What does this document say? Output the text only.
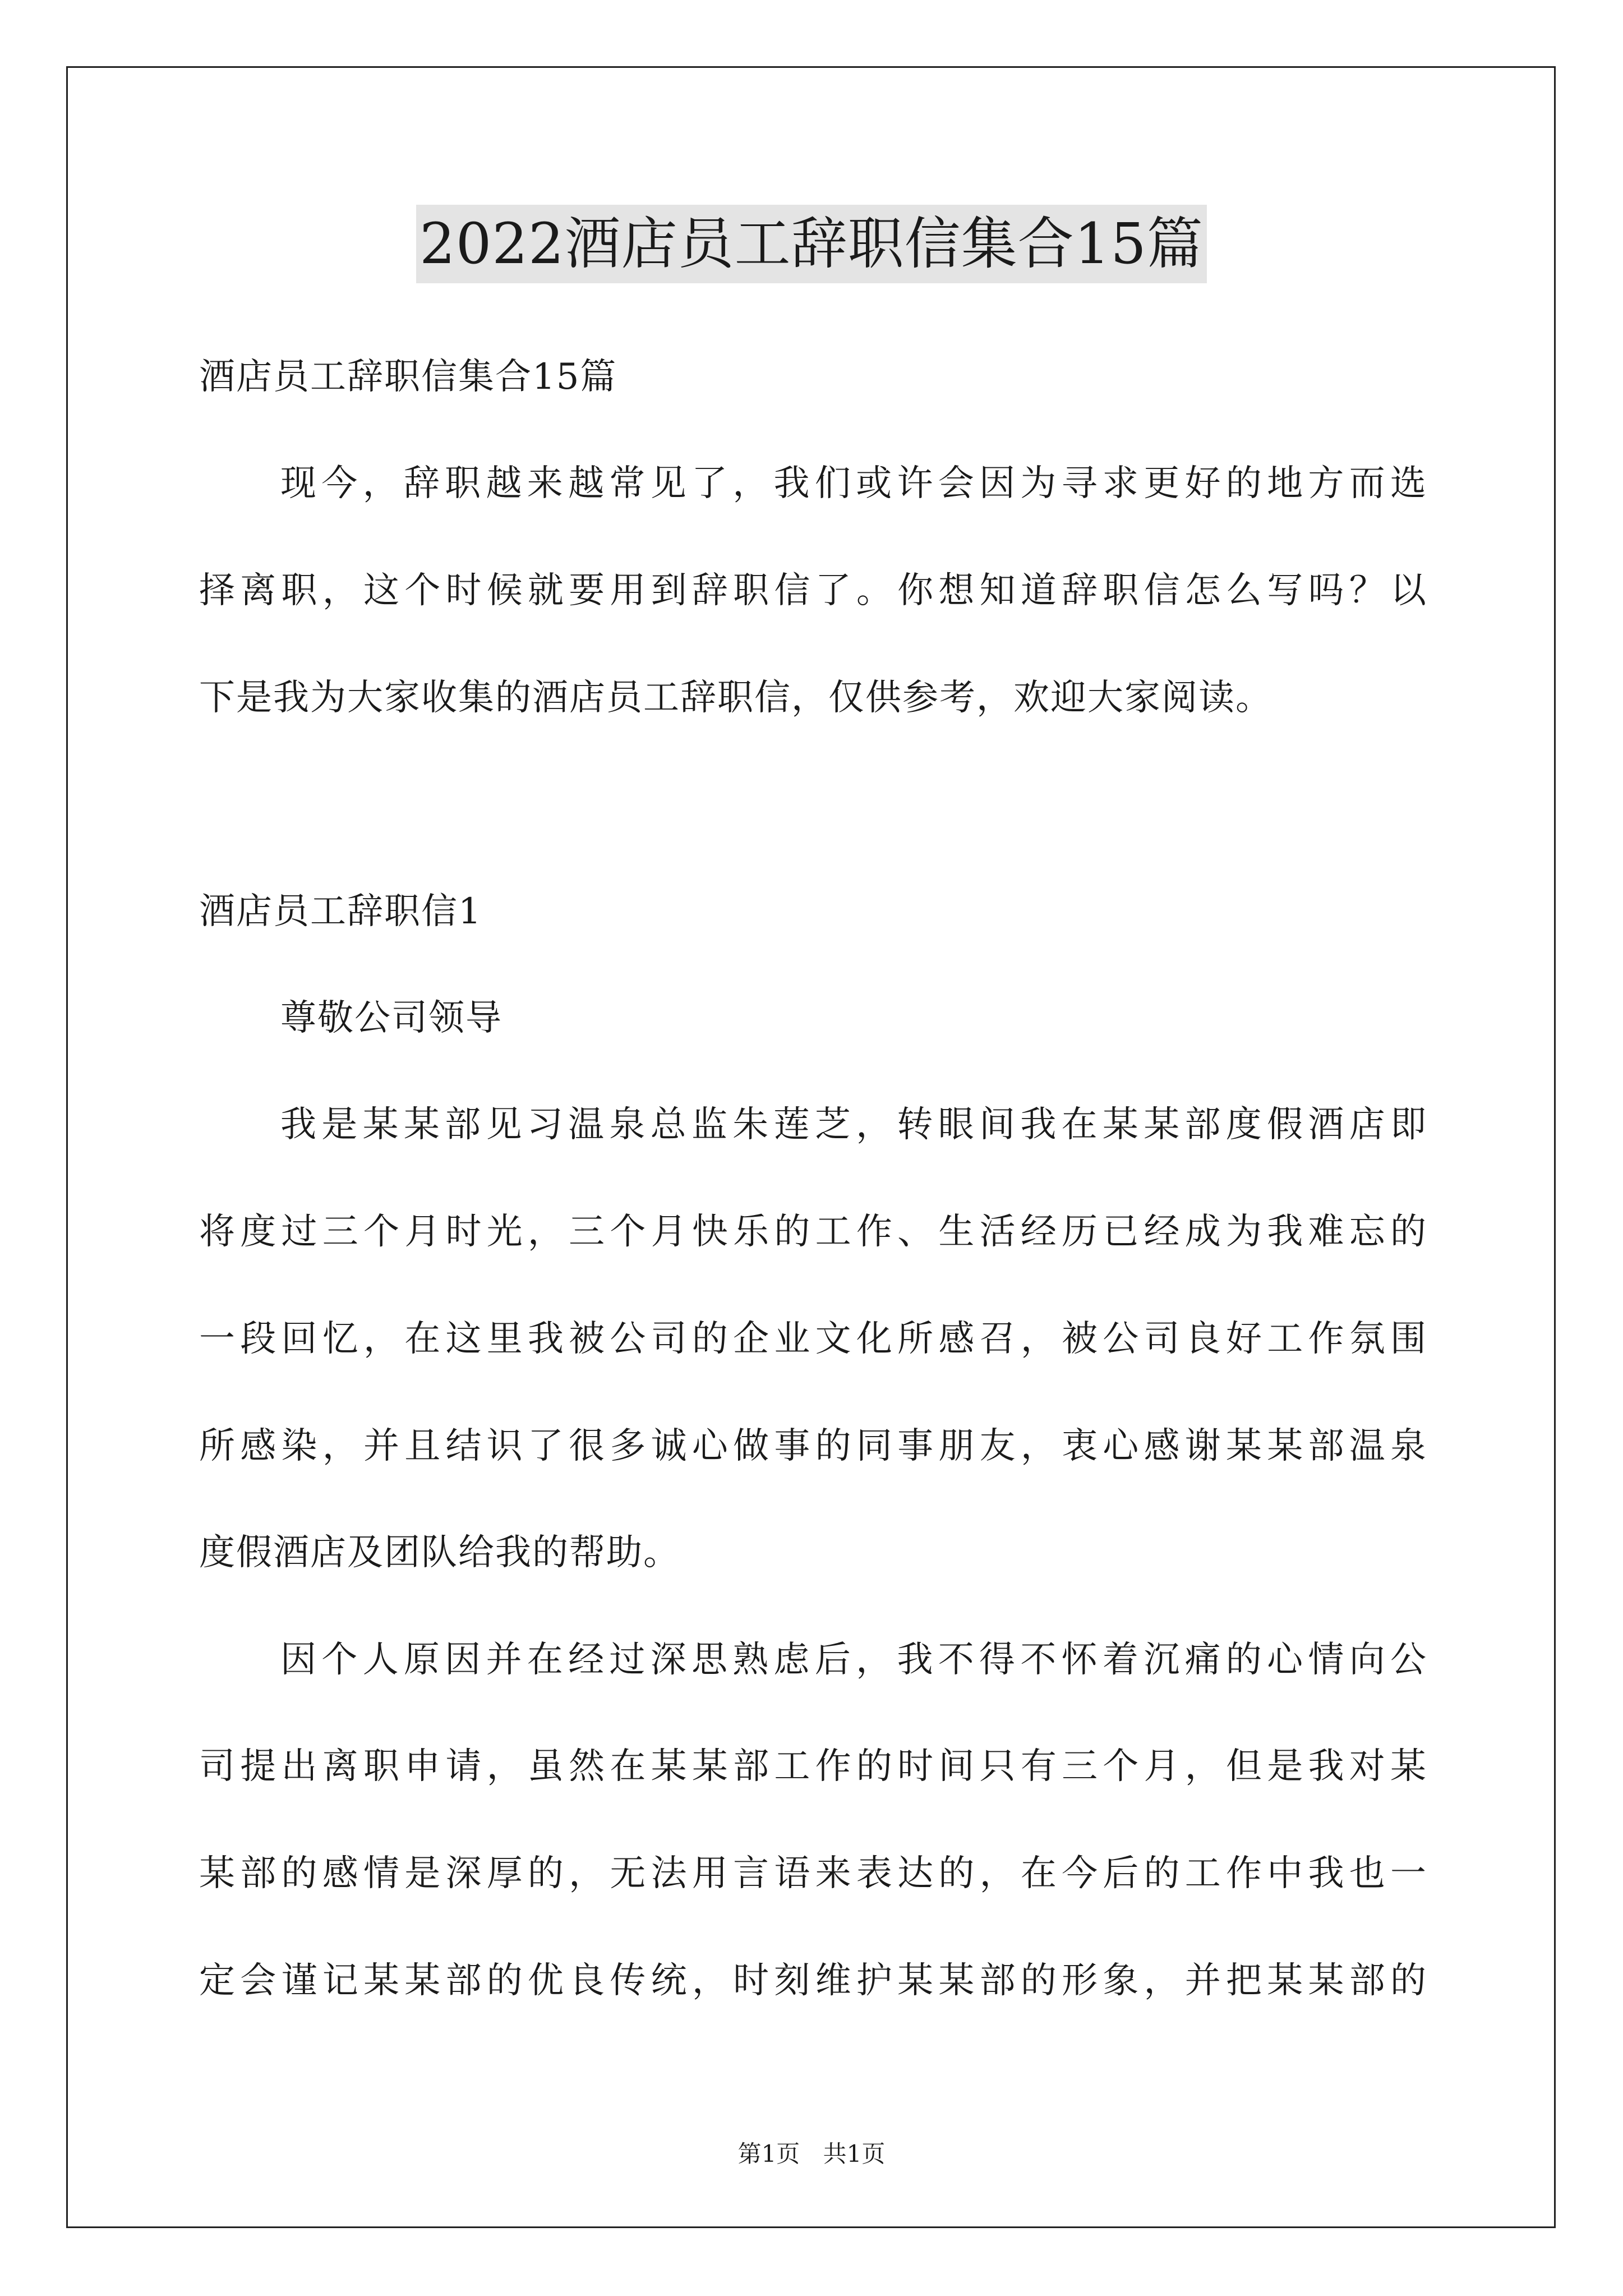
2022酒店员工辞职信集合15篇
酒店员工辞职信集合15篇
现今，辞职越来越常见了，我们或许会因为寻求更好的地方而选
择离职，这个时候就要用到辞职信了。你想知道辞职信怎么写吗？以
下是我为大家收集的酒店员工辞职信，仅供参考，欢迎大家阅读。
酒店员工辞职信1
尊敬公司领导
我是某某部见习温泉总监朱莲芝，转眼间我在某某部度假酒店即
将度过三个月时光，三个月快乐的工作、生活经历已经成为我难忘的
一段回忆，在这里我被公司的企业文化所感召，被公司良好工作氛围
所感染，并且结识了很多诚心做事的同事朋友，衷心感谢某某部温泉
度假酒店及团队给我的帮助。
因个人原因并在经过深思熟虑后，我不得不怀着沉痛的心情向公
司提出离职申请，虽然在某某部工作的时间只有三个月，但是我对某
某部的感情是深厚的，无法用言语来表达的，在今后的工作中我也一
定会谨记某某部的优良传统，时刻维护某某部的形象，并把某某部的
第1页 共1页
